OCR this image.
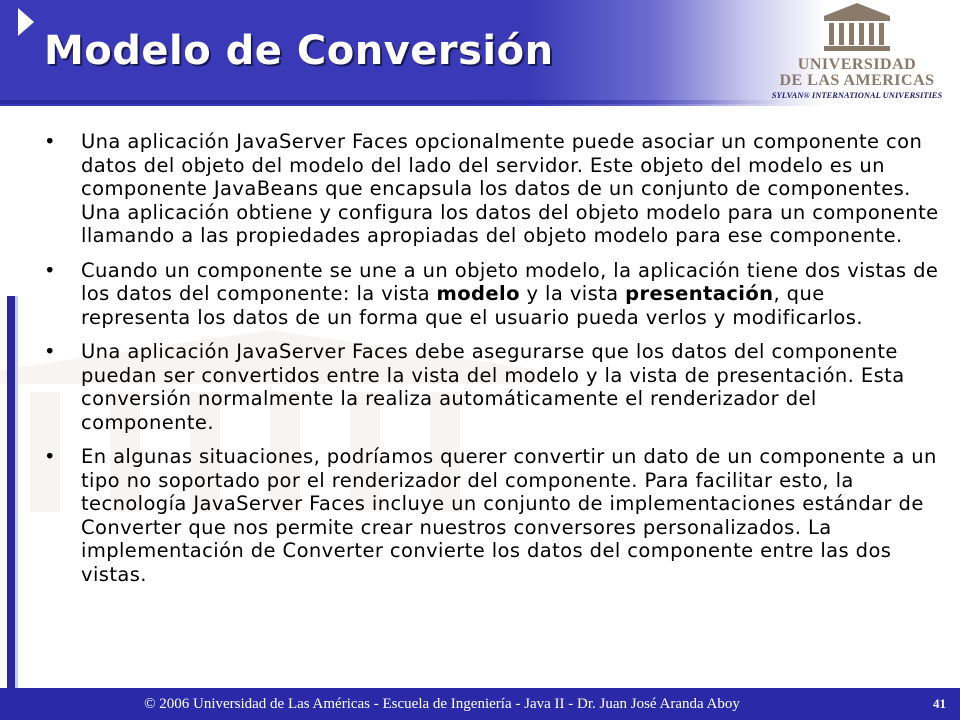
Modelo de Conversión	UNIVERSIDAD
DE LAS AMERICAS
SYLVAN® INTERNATIONAL UNIVERSITIES
• Una aplicación JavaServer Faces opcionalmente puede asociar un componente con datos del objeto del modelo del lado del servidor. Este objeto del modelo es un componente JavaBeans que encapsula los datos de un conjunto de componentes. Una aplicación obtiene y configura los datos del objeto modelo para un componente llamando a las propiedades apropiadas del objeto modelo para ese componente.
• Cuando un componente se une a un objeto modelo, la aplicación tiene dos vistas de los datos del componente: la vista modelo y la vista presentación, que representa los datos de un forma que el usuario pueda verlos y modificarlos.
• Una aplicación JavaServer Faces debe asegurarse que los datos del componente puedan ser convertidos entre la vista del modelo y la vista de presentación. Esta conversión normalmente la realiza automáticamente el renderizador del componente.
• En algunas situaciones, podríamos querer convertir un dato de un componente a un tipo no soportado por el renderizador del componente. Para facilitar esto, la tecnología JavaServer Faces incluye un conjunto de implementaciones estándar de Converter que nos permite crear nuestros conversores personalizados. La implementación de Converter convierte los datos del componente entre las dos vistas.
© 2006 Universidad de Las Américas - Escuela de Ingeniería - Java II - Dr. Juan José Aranda Aboy	41
